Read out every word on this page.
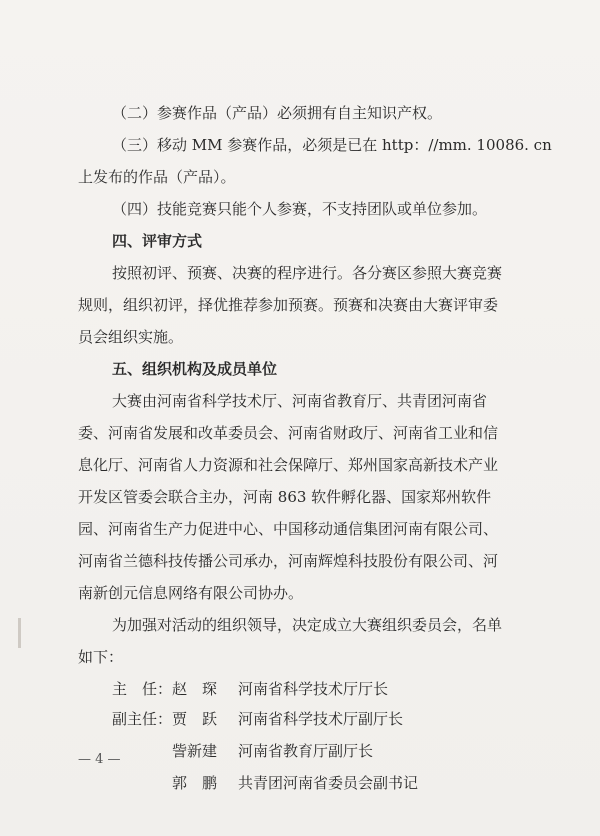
（二）参赛作品（产品）必须拥有自主知识产权。
（三）移动 MM 参赛作品，必须是已在 http：//mm. 10086. cn
上发布的作品（产品）。
（四）技能竞赛只能个人参赛，不支持团队或单位参加。
四、评审方式
按照初评、预赛、决赛的程序进行。各分赛区参照大赛竞赛
规则，组织初评，择优推荐参加预赛。预赛和决赛由大赛评审委
员会组织实施。
五、组织机构及成员单位
大赛由河南省科学技术厅、河南省教育厅、共青团河南省
委、河南省发展和改革委员会、河南省财政厅、河南省工业和信
息化厅、河南省人力资源和社会保障厅、郑州国家高新技术产业
开发区管委会联合主办，河南 863 软件孵化器、国家郑州软件
园、河南省生产力促进中心、中国移动通信集团河南有限公司、
河南省兰德科技传播公司承办，河南辉煌科技股份有限公司、河
南新创元信息网络有限公司协办。
为加强对活动的组织领导，决定成立大赛组织委员会，名单
如下：
主　任：赵　琛 河南省科学技术厅厅长
副主任：贾　跃 河南省科学技术厅副厅长
訾新建 河南省教育厅副厅长
郭　鹏 共青团河南省委员会副书记
— 4 —
